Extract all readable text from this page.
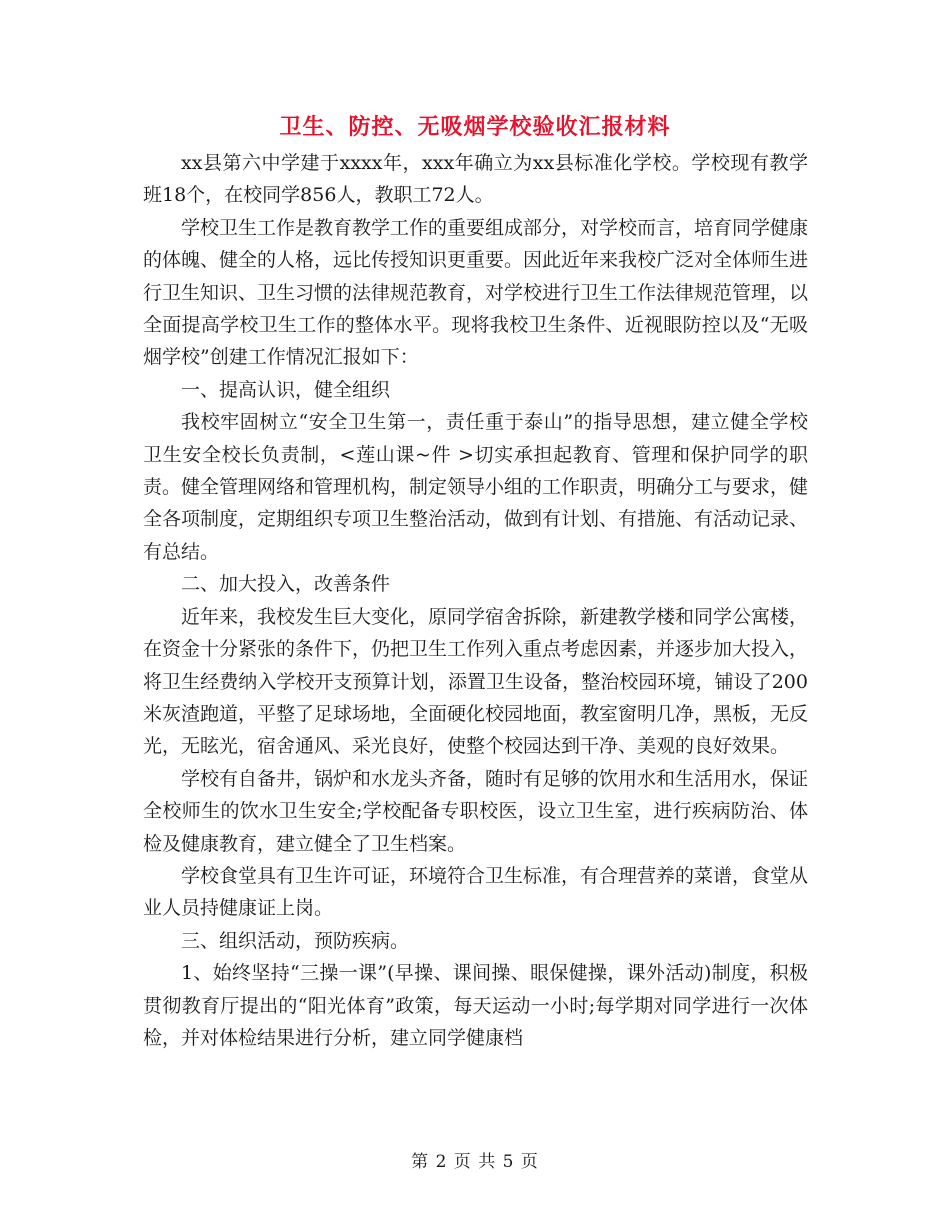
卫生、防控、无吸烟学校验收汇报材料

xx县第六中学建于xxxx年，xxx年确立为xx县标准化学校。学校现有教学班18个，在校同学856人，教职工72人。

学校卫生工作是教育教学工作的重要组成部分，对学校而言，培育同学健康的体魄、健全的人格，远比传授知识更重要。因此近年来我校广泛对全体师生进行卫生知识、卫生习惯的法律规范教育，对学校进行卫生工作法律规范管理，以全面提高学校卫生工作的整体水平。现将我校卫生条件、近视眼防控以及“无吸烟学校”创建工作情况汇报如下：

一、提高认识，健全组织

我校牢固树立“安全卫生第一，责任重于泰山”的指导思想，建立健全学校卫生安全校长负责制，<莲山课~件 >切实承担起教育、管理和保护同学的职责。健全管理网络和管理机构，制定领导小组的工作职责，明确分工与要求，健全各项制度，定期组织专项卫生整治活动，做到有计划、有措施、有活动记录、有总结。

二、加大投入，改善条件

近年来，我校发生巨大变化，原同学宿舍拆除，新建教学楼和同学公寓楼，在资金十分紧张的条件下，仍把卫生工作列入重点考虑因素，并逐步加大投入，将卫生经费纳入学校开支预算计划，添置卫生设备，整治校园环境，铺设了200米灰渣跑道，平整了足球场地，全面硬化校园地面，教室窗明几净，黑板，无反光，无眩光，宿舍通风、采光良好，使整个校园达到干净、美观的良好效果。

学校有自备井，锅炉和水龙头齐备，随时有足够的饮用水和生活用水，保证全校师生的饮水卫生安全;学校配备专职校医，设立卫生室，进行疾病防治、体检及健康教育，建立健全了卫生档案。

学校食堂具有卫生许可证，环境符合卫生标准，有合理营养的菜谱，食堂从业人员持健康证上岗。

三、组织活动，预防疾病。

1、始终坚持“三操一课”(早操、课间操、眼保健操，课外活动)制度，积极贯彻教育厅提出的“阳光体育”政策，每天运动一小时;每学期对同学进行一次体检，并对体检结果进行分析，建立同学健康档

第 2 页 共 5 页
